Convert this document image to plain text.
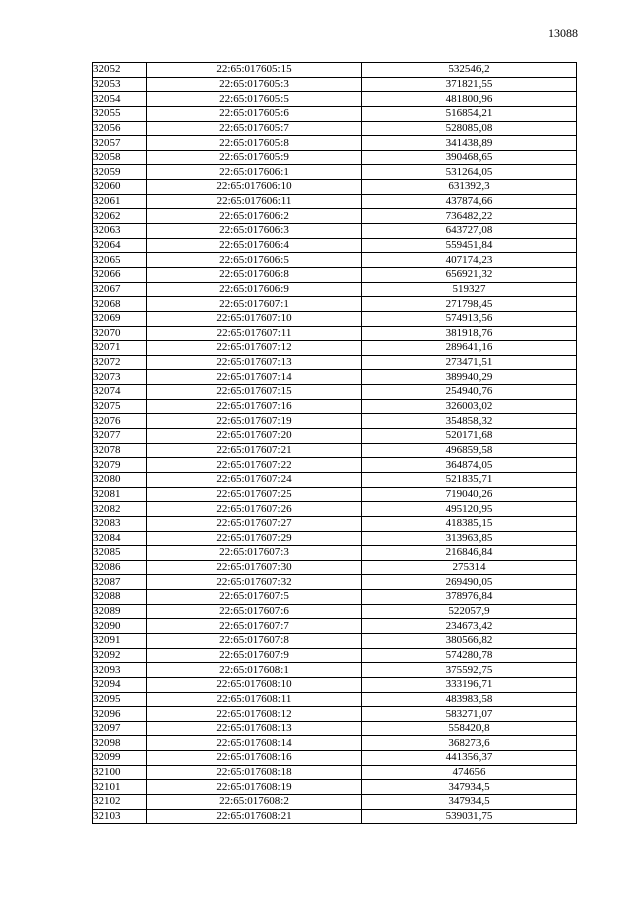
13088
32052	22:65:017605:15	532546,2
32053	22:65:017605:3	371821,55
32054	22:65:017605:5	481800,96
32055	22:65:017605:6	516854,21
32056	22:65:017605:7	528085,08
32057	22:65:017605:8	341438,89
32058	22:65:017605:9	390468,65
32059	22:65:017606:1	531264,05
32060	22:65:017606:10	631392,3
32061	22:65:017606:11	437874,66
32062	22:65:017606:2	736482,22
32063	22:65:017606:3	643727,08
32064	22:65:017606:4	559451,84
32065	22:65:017606:5	407174,23
32066	22:65:017606:8	656921,32
32067	22:65:017606:9	519327
32068	22:65:017607:1	271798,45
32069	22:65:017607:10	574913,56
32070	22:65:017607:11	381918,76
32071	22:65:017607:12	289641,16
32072	22:65:017607:13	273471,51
32073	22:65:017607:14	389940,29
32074	22:65:017607:15	254940,76
32075	22:65:017607:16	326003,02
32076	22:65:017607:19	354858,32
32077	22:65:017607:20	520171,68
32078	22:65:017607:21	496859,58
32079	22:65:017607:22	364874,05
32080	22:65:017607:24	521835,71
32081	22:65:017607:25	719040,26
32082	22:65:017607:26	495120,95
32083	22:65:017607:27	418385,15
32084	22:65:017607:29	313963,85
32085	22:65:017607:3	216846,84
32086	22:65:017607:30	275314
32087	22:65:017607:32	269490,05
32088	22:65:017607:5	378976,84
32089	22:65:017607:6	522057,9
32090	22:65:017607:7	234673,42
32091	22:65:017607:8	380566,82
32092	22:65:017607:9	574280,78
32093	22:65:017608:1	375592,75
32094	22:65:017608:10	333196,71
32095	22:65:017608:11	483983,58
32096	22:65:017608:12	583271,07
32097	22:65:017608:13	558420,8
32098	22:65:017608:14	368273,6
32099	22:65:017608:16	441356,37
32100	22:65:017608:18	474656
32101	22:65:017608:19	347934,5
32102	22:65:017608:2	347934,5
32103	22:65:017608:21	539031,75
